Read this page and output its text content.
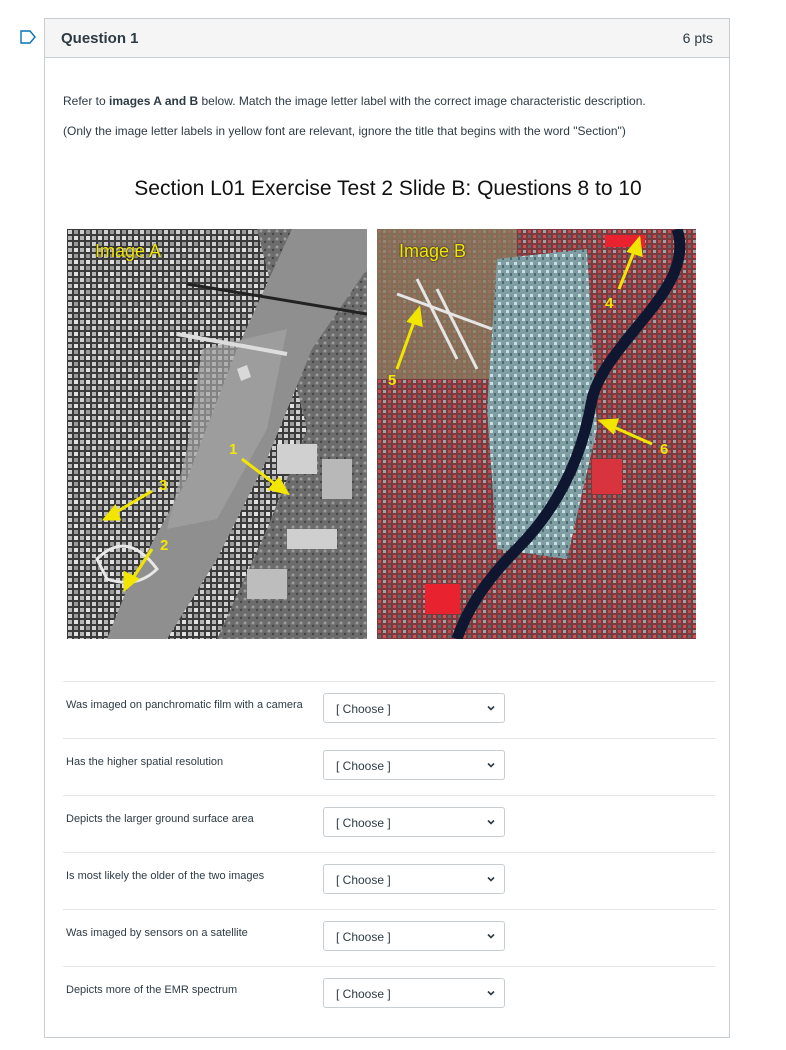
Question 1	6 pts
Refer to images A and B below. Match the image letter label with the correct image characteristic description.
(Only the image letter labels in yellow font are relevant, ignore the title that begins with the word "Section")
Section L01 Exercise Test 2 Slide B: Questions 8 to 10
Image A
1
2
3
Image B
4
5
6
Was imaged on panchromatic film with a camera	[ Choose ]
Has the higher spatial resolution	[ Choose ]
Depicts the larger ground surface area	[ Choose ]
Is most likely the older of the two images	[ Choose ]
Was imaged by sensors on a satellite	[ Choose ]
Depicts more of the EMR spectrum	[ Choose ]
